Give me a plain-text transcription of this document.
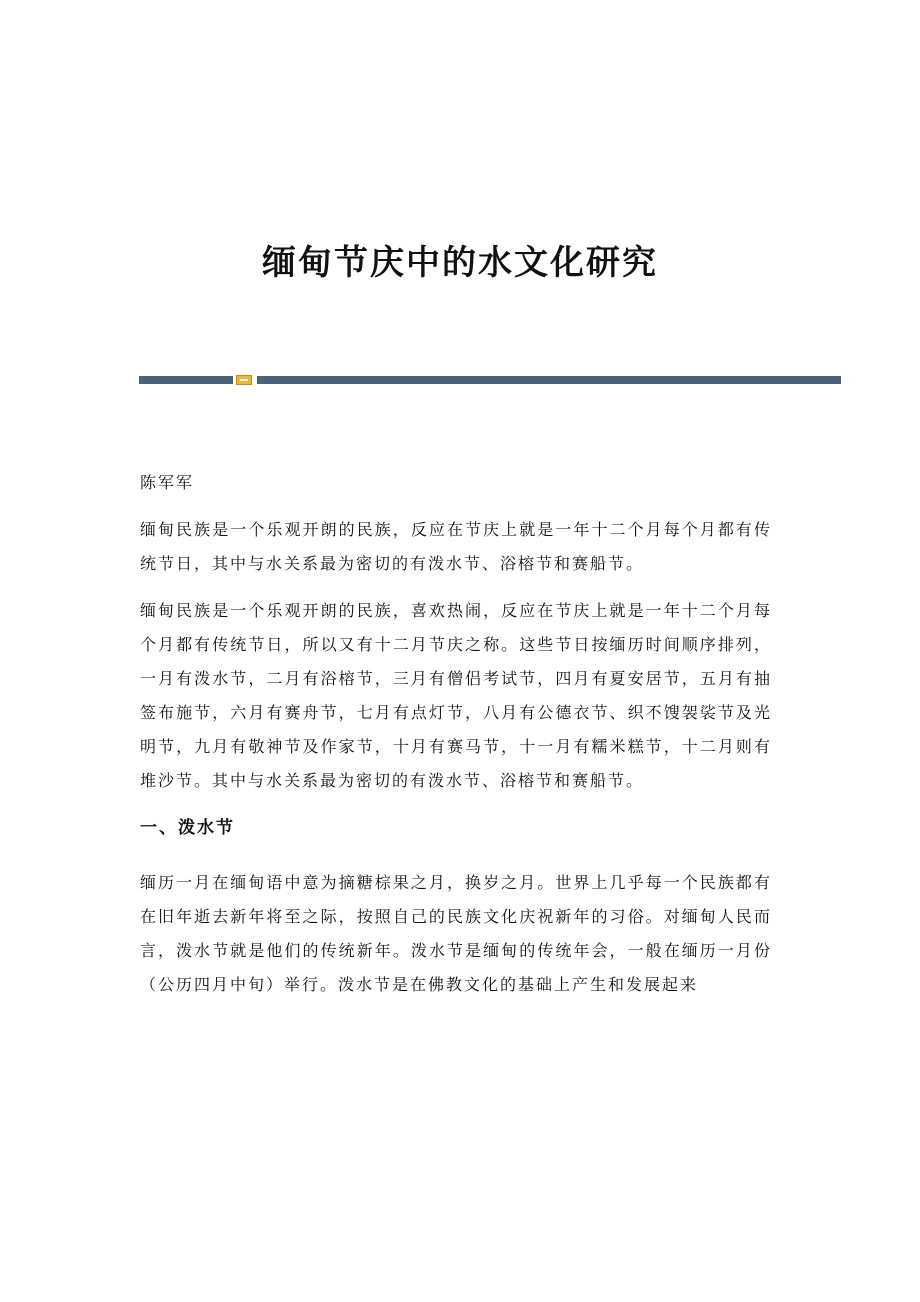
缅甸节庆中的水文化研究

陈军军

缅甸民族是一个乐观开朗的民族，反应在节庆上就是一年十二个月每个月都有传统节日，其中与水关系最为密切的有泼水节、浴榕节和赛船节。

缅甸民族是一个乐观开朗的民族，喜欢热闹，反应在节庆上就是一年十二个月每个月都有传统节日，所以又有十二月节庆之称。这些节日按缅历时间顺序排列，一月有泼水节，二月有浴榕节，三月有僧侣考试节，四月有夏安居节，五月有抽签布施节，六月有赛舟节，七月有点灯节，八月有公德衣节、织不馊袈裟节及光明节，九月有敬神节及作家节，十月有赛马节，十一月有糯米糕节，十二月则有堆沙节。其中与水关系最为密切的有泼水节、浴榕节和赛船节。

一、泼水节

缅历一月在缅甸语中意为摘糖棕果之月，换岁之月。世界上几乎每一个民族都有在旧年逝去新年将至之际，按照自己的民族文化庆祝新年的习俗。对缅甸人民而言，泼水节就是他们的传统新年。泼水节是缅甸的传统年会，一般在缅历一月份（公历四月中旬）举行。泼水节是在佛教文化的基础上产生和发展起来
